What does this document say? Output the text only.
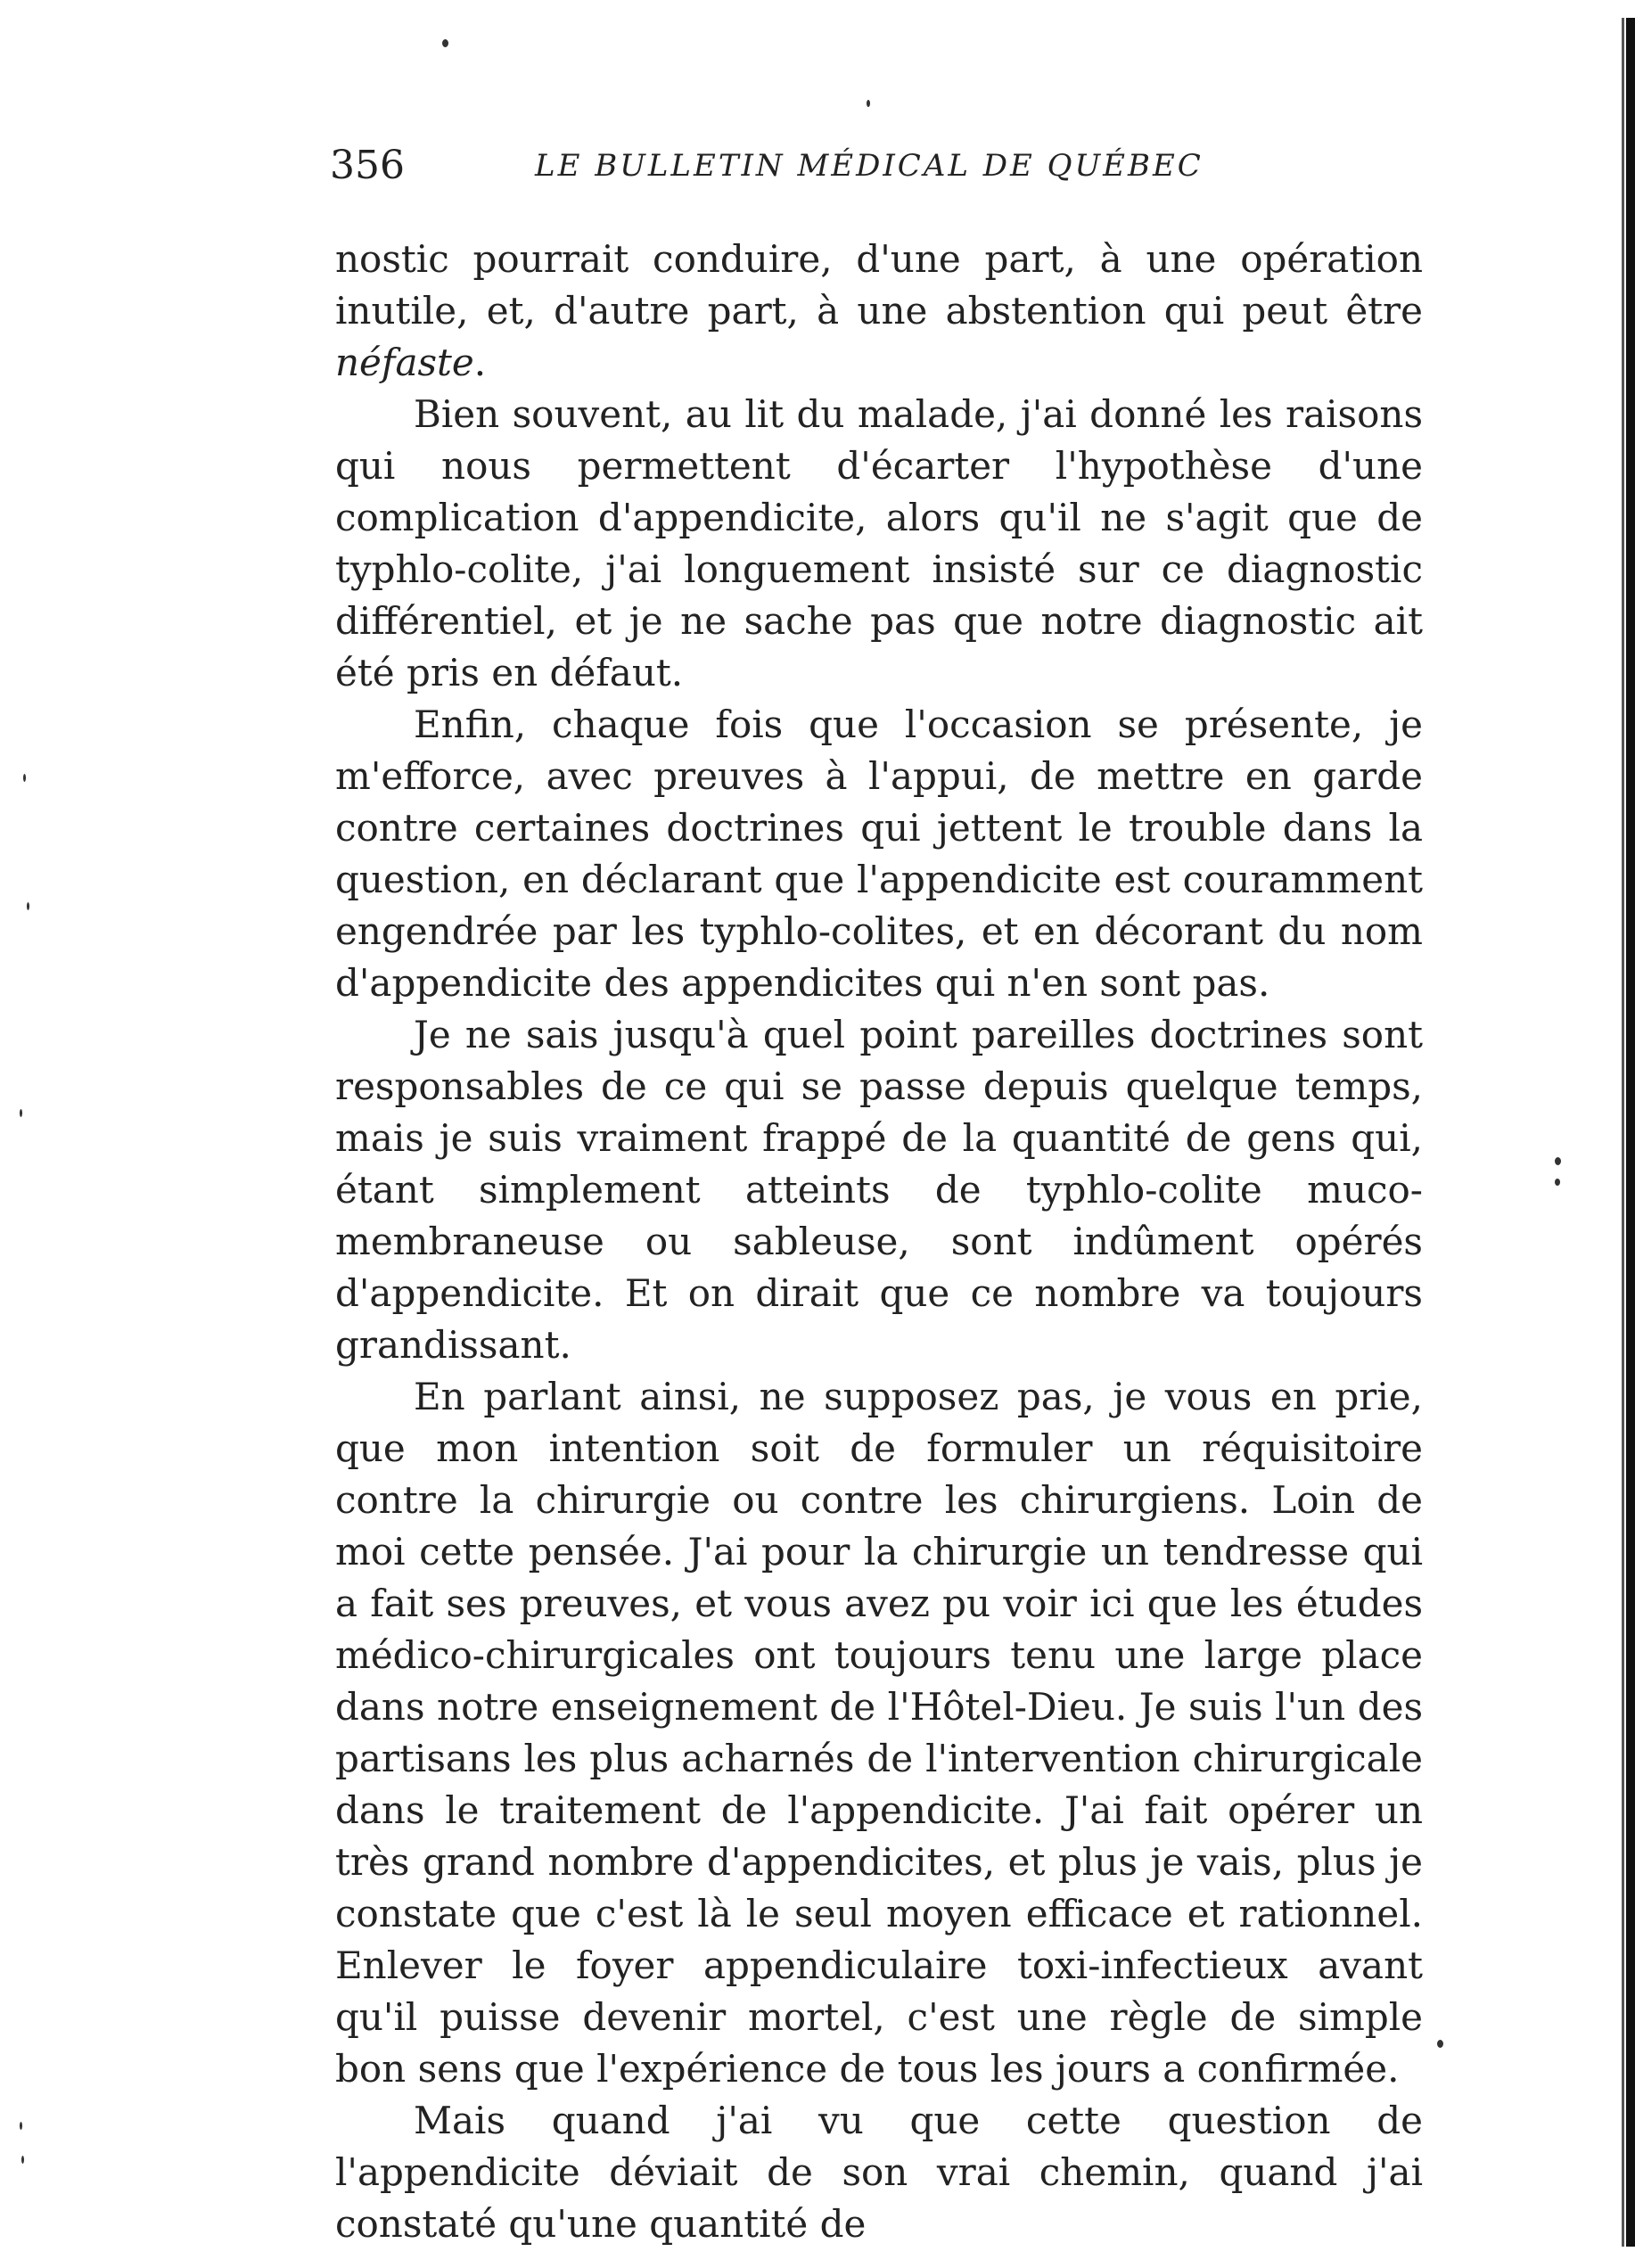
356	LE BULLETIN MÉDICAL DE QUÉBEC

nostic pourrait conduire, d'une part, à une opération inutile, et, d'autre part, à une abstention qui peut être néfaste.

Bien souvent, au lit du malade, j'ai donné les raisons qui nous permettent d'écarter l'hypothèse d'une complication d'appendicite, alors qu'il ne s'agit que de typhlo-colite, j'ai longuement insisté sur ce diagnostic différentiel, et je ne sache pas que notre diagnostic ait été pris en défaut.

Enfin, chaque fois que l'occasion se présente, je m'efforce, avec preuves à l'appui, de mettre en garde contre certaines doctrines qui jettent le trouble dans la question, en déclarant que l'appendicite est couramment engendrée par les typhlo-colites, et en décorant du nom d'appendicite des appendicites qui n'en sont pas.

Je ne sais jusqu'à quel point pareilles doctrines sont responsables de ce qui se passe depuis quelque temps, mais je suis vraiment frappé de la quantité de gens qui, étant simplement atteints de typhlo-colite muco-membraneuse ou sableuse, sont indûment opérés d'appendicite. Et on dirait que ce nombre va toujours grandissant.

En parlant ainsi, ne supposez pas, je vous en prie, que mon intention soit de formuler un réquisitoire contre la chirurgie ou contre les chirurgiens. Loin de moi cette pensée. J'ai pour la chirurgie un tendresse qui a fait ses preuves, et vous avez pu voir ici que les études médico-chirurgicales ont toujours tenu une large place dans notre enseignement de l'Hôtel-Dieu. Je suis l'un des partisans les plus acharnés de l'intervention chirurgicale dans le traitement de l'appendicite. J'ai fait opérer un très grand nombre d'appendicites, et plus je vais, plus je constate que c'est là le seul moyen efficace et rationnel. Enlever le foyer appendiculaire toxi-infectieux avant qu'il puisse devenir mortel, c'est une règle de simple bon sens que l'expérience de tous les jours a confirmée.

Mais quand j'ai vu que cette question de l'appendicite déviait de son vrai chemin, quand j'ai constaté qu'une quantité de
